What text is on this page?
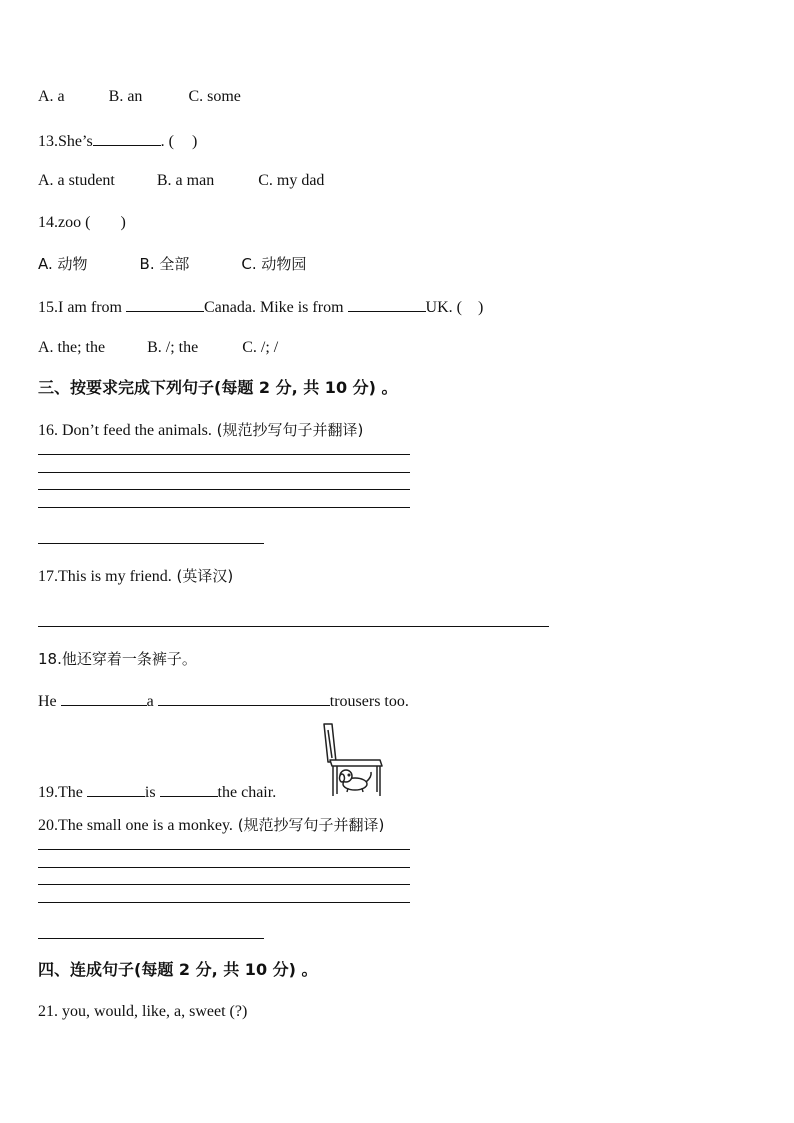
A. a	B. an	C. some
13.She’s	. ( )
A. a student	B. a man	C. my dad
14.zoo ( )
A. 动物	B. 全部	C. 动物园
15.I am from	Canada. Mike is from	UK. ( )
A. the; the	B. /; the	C. /; /
三、按要求完成下列句子(每题 2 分, 共 10 分) 。
16. Don’t feed the animals. (规范抄写句子并翻译)
17.This is my friend. (英译汉)
18.他还穿着一条裤子。
He	a	trousers too.
19.The	is	the chair.
20.The small one is a monkey. (规范抄写句子并翻译)
四、连成句子(每题 2 分, 共 10 分) 。
21. you, would, like, a, sweet (?)
